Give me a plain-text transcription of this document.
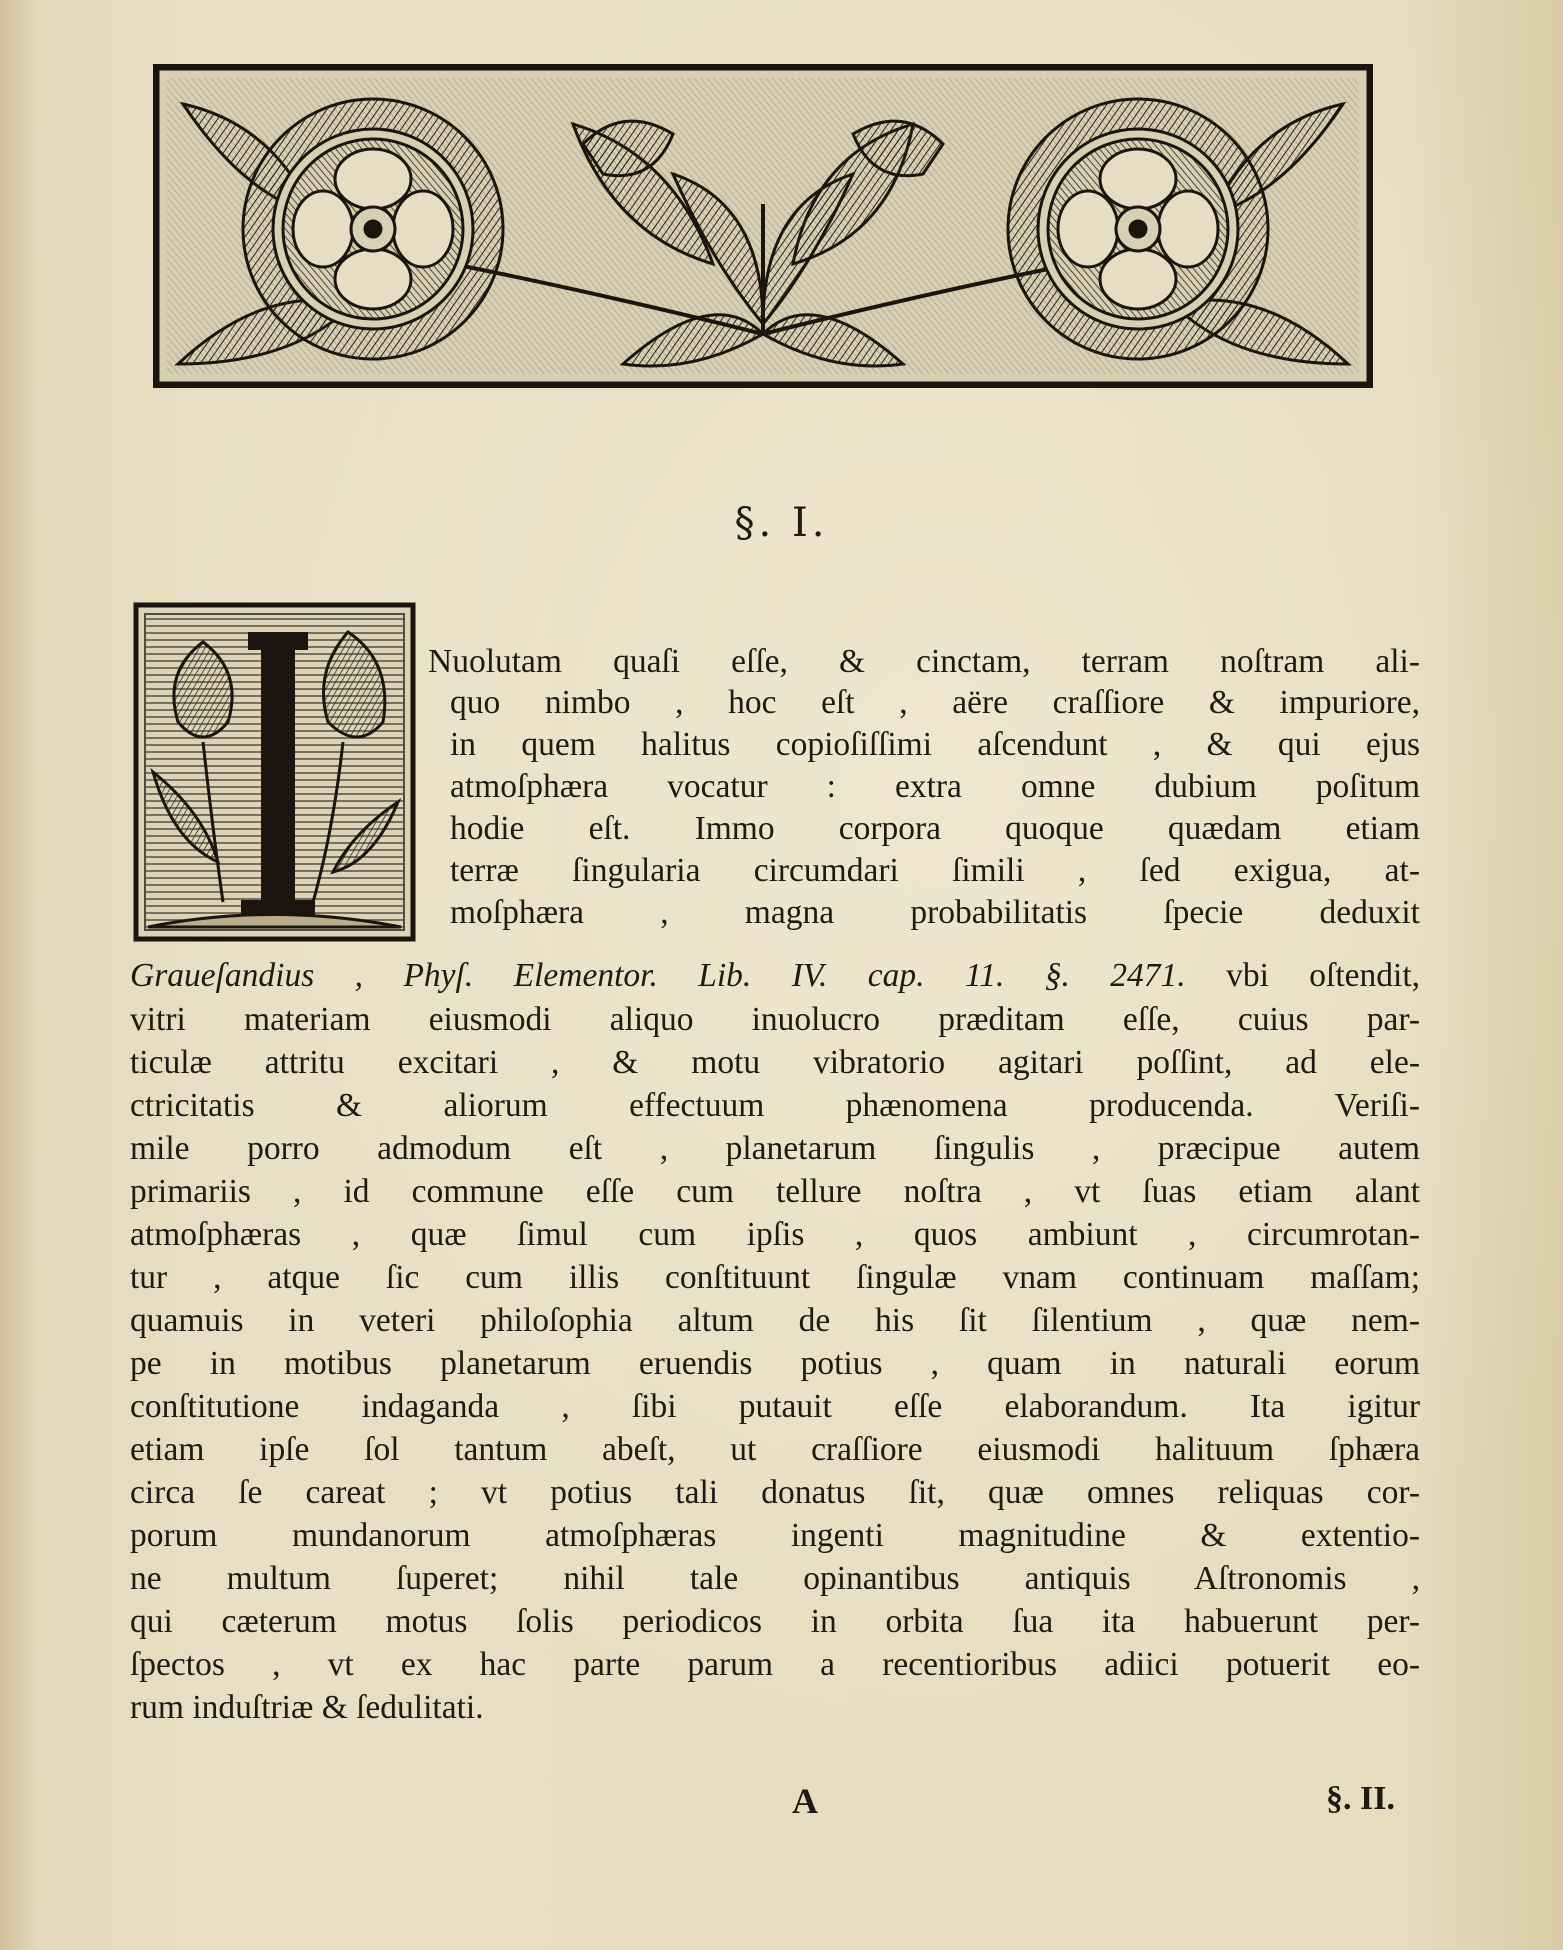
§. I.
Nuolutam quaſi eſſe, & cinctam, terram noſtram ali-
quo nimbo , hoc eſt , aëre craſſiore & impuriore,
in quem halitus copioſiſſimi aſcendunt , & qui ejus
atmoſphæra vocatur : extra omne dubium poſitum
hodie eſt. Immo corpora quoque quædam etiam
terræ ſingularia circumdari ſimili , ſed exigua, at-
moſphæra , magna probabilitatis ſpecie deduxit
Graueſandius , Phyſ. Elementor. Lib. IV. cap. 11. §. 2471. vbi oſtendit,
vitri materiam eiusmodi aliquo inuolucro præditam eſſe, cuius par-
ticulæ attritu excitari , & motu vibratorio agitari poſſint, ad ele-
ctricitatis & aliorum effectuum phænomena producenda. Veriſi-
mile porro admodum eſt , planetarum ſingulis , præcipue autem
primariis , id commune eſſe cum tellure noſtra , vt ſuas etiam alant
atmoſphæras , quæ ſimul cum ipſis , quos ambiunt , circumrotan-
tur , atque ſic cum illis conſtituunt ſingulæ vnam continuam maſſam;
quamuis in veteri philoſophia altum de his ſit ſilentium , quæ nem-
pe in motibus planetarum eruendis potius , quam in naturali eorum
conſtitutione indaganda , ſibi putauit eſſe elaborandum. Ita igitur
etiam ipſe ſol tantum abeſt, ut craſſiore eiusmodi halituum ſphæra
circa ſe careat ; vt potius tali donatus ſit, quæ omnes reliquas cor-
porum mundanorum atmoſphæras ingenti magnitudine & extentio-
ne multum ſuperet; nihil tale opinantibus antiquis Aſtronomis ,
qui cæterum motus ſolis periodicos in orbita ſua ita habuerunt per-
ſpectos , vt ex hac parte parum a recentioribus adiici potuerit eo-
rum induſtriæ & ſedulitati.
A	§. II.
